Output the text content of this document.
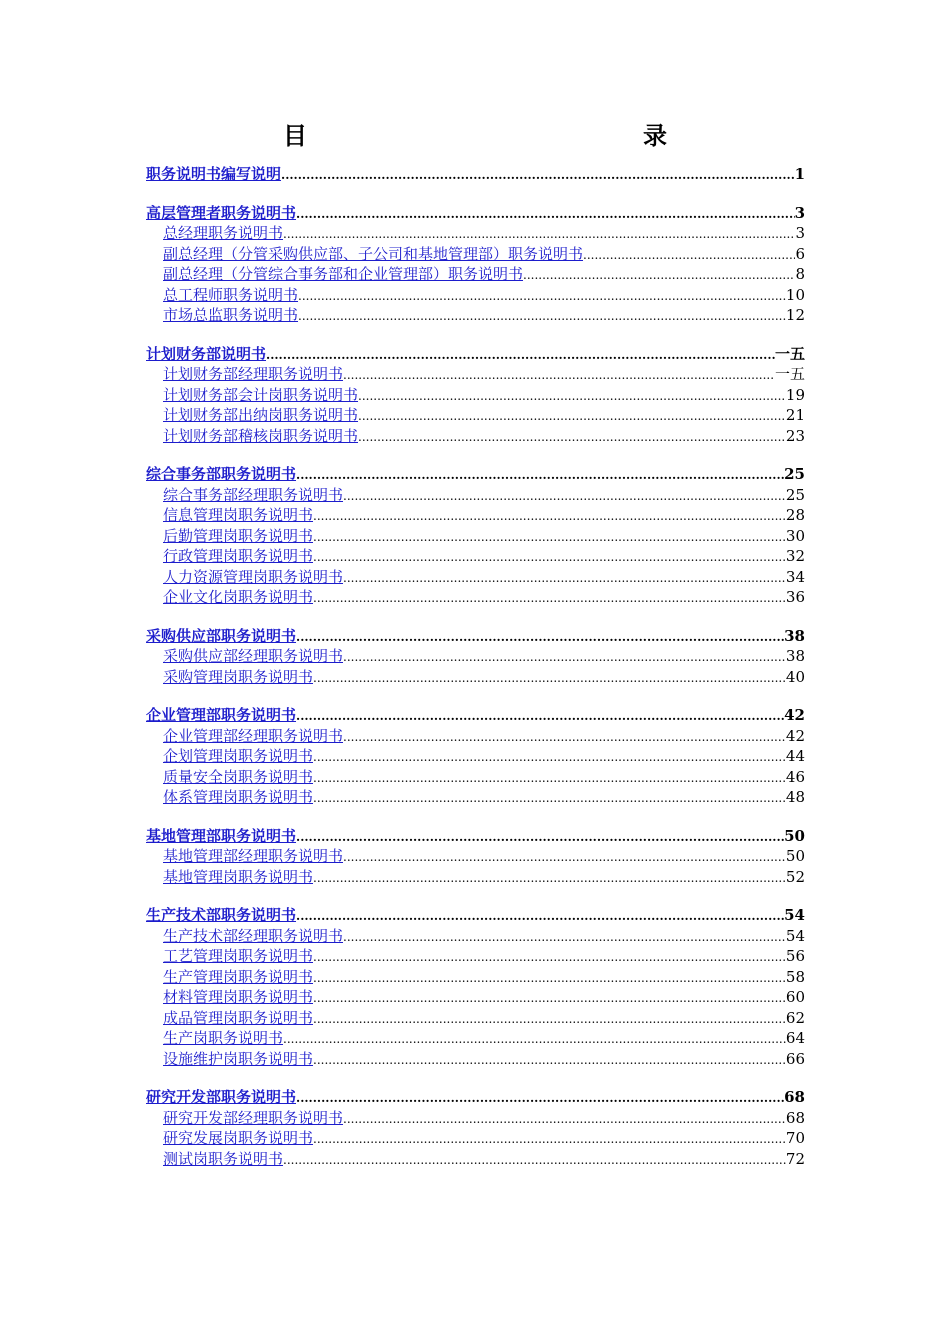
目　　录
职务说明书编写说明 .....	1
高层管理者职务说明书 .....	3
总经理职务说明书 .....	3
副总经理（分管采购供应部、子公司和基地管理部）职务说明书 .....	6
副总经理（分管综合事务部和企业管理部）职务说明书 .....	8
总工程师职务说明书 .....	10
市场总监职务说明书 .....	12
计划财务部说明书 .....	一五
计划财务部经理职务说明书 .....	一五
计划财务部会计岗职务说明书 .....	19
计划财务部出纳岗职务说明书 .....	21
计划财务部稽核岗职务说明书 .....	23
综合事务部职务说明书 .....	25
综合事务部经理职务说明书 .....	25
信息管理岗职务说明书 .....	28
后勤管理岗职务说明书 .....	30
行政管理岗职务说明书 .....	32
人力资源管理岗职务说明书 .....	34
企业文化岗职务说明书 .....	36
采购供应部职务说明书 .....	38
采购供应部经理职务说明书 .....	38
采购管理岗职务说明书 .....	40
企业管理部职务说明书 .....	42
企业管理部经理职务说明书 .....	42
企划管理岗职务说明书 .....	44
质量安全岗职务说明书 .....	46
体系管理岗职务说明书 .....	48
基地管理部职务说明书 .....	50
基地管理部经理职务说明书 .....	50
基地管理岗职务说明书 .....	52
生产技术部职务说明书 .....	54
生产技术部经理职务说明书 .....	54
工艺管理岗职务说明书 .....	56
生产管理岗职务说明书 .....	58
材料管理岗职务说明书 .....	60
成品管理岗职务说明书 .....	62
生产岗职务说明书 .....	64
设施维护岗职务说明书 .....	66
研究开发部职务说明书 .....	68
研究开发部经理职务说明书 .....	68
研究发展岗职务说明书 .....	70
测试岗职务说明书 .....	72
